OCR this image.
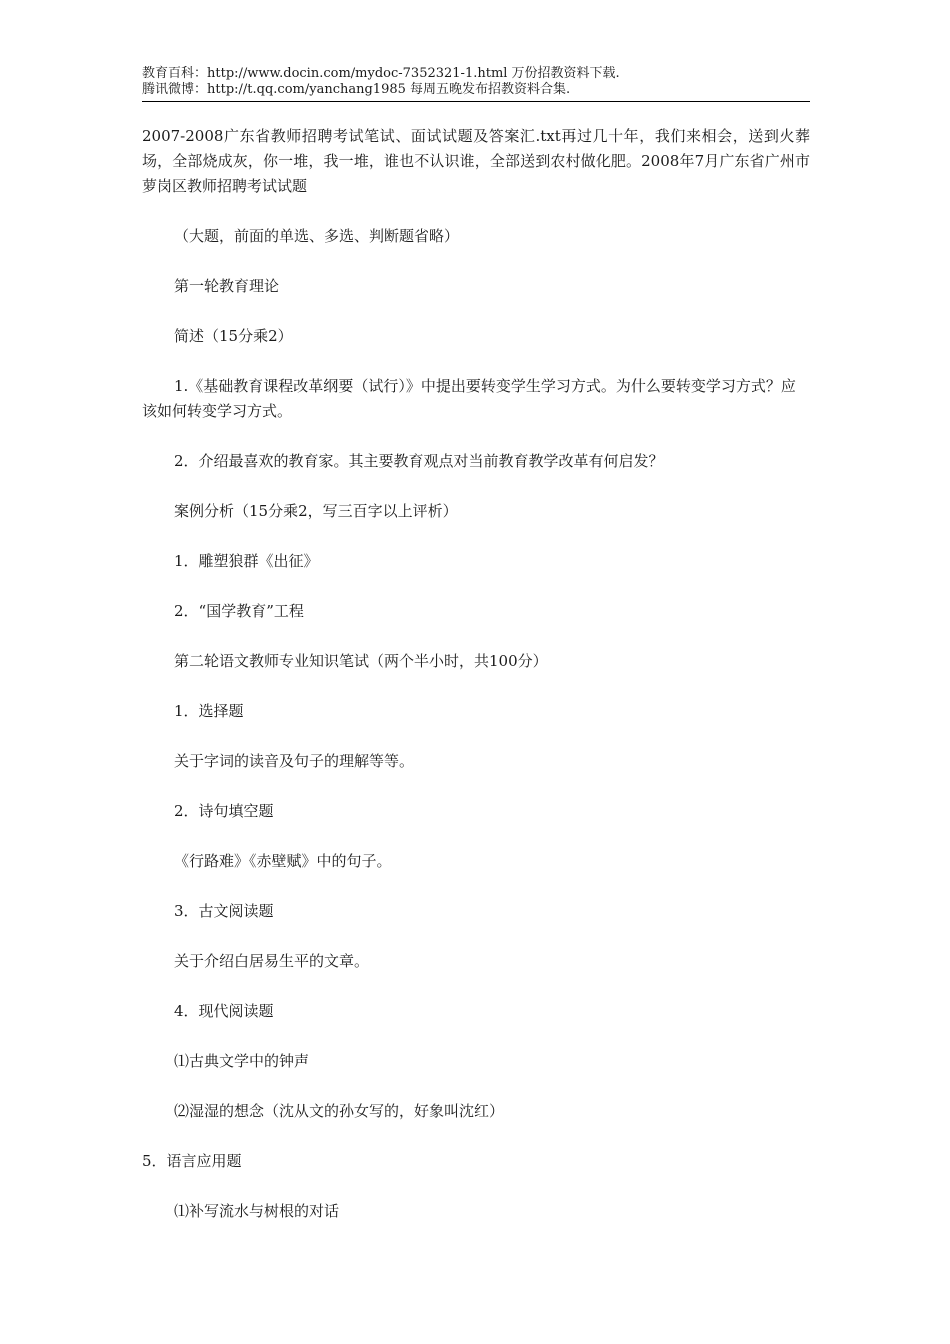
教育百科：http://www.docin.com/mydoc-7352321-1.html 万份招教资料下载.
腾讯微博：http://t.qq.com/yanchang1985 每周五晚发布招教资料合集.

2007-2008广东省教师招聘考试笔试、面试试题及答案汇.txt再过几十年，我们来相会，送到火葬场，全部烧成灰，你一堆，我一堆，谁也不认识谁，全部送到农村做化肥。2008年7月广东省广州市萝岗区教师招聘考试试题

（大题，前面的单选、多选、判断题省略）

第一轮教育理论

简述（15分乘2）

1.《基础教育课程改革纲要（试行）》中提出要转变学生学习方式。为什么要转变学习方式？应该如何转变学习方式。

2．介绍最喜欢的教育家。其主要教育观点对当前教育教学改革有何启发？

案例分析（15分乘2，写三百字以上评析）

1．雕塑狼群《出征》

2．“国学教育”工程

第二轮语文教师专业知识笔试（两个半小时，共100分）

1．选择题

关于字词的读音及句子的理解等等。

2．诗句填空题

《行路难》《赤壁赋》中的句子。

3．古文阅读题

关于介绍白居易生平的文章。

4．现代阅读题

⑴古典文学中的钟声

⑵湿湿的想念（沈从文的孙女写的，好象叫沈红）

5．语言应用题

⑴补写流水与树根的对话
